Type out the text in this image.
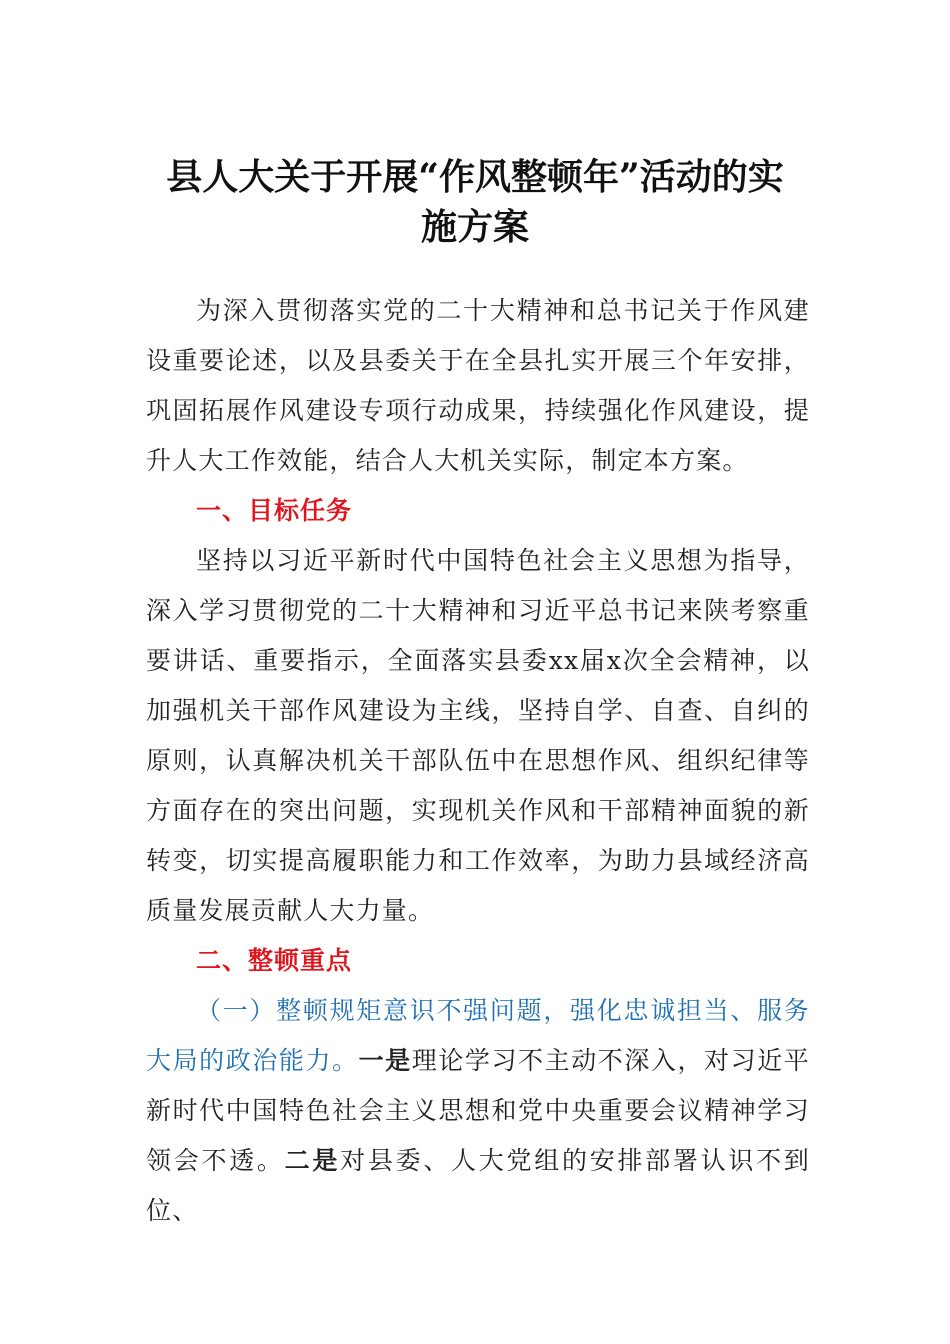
县人大关于开展“作风整顿年”活动的实
施方案

为深入贯彻落实党的二十大精神和总书记关于作风建设重要论述，以及县委关于在全县扎实开展三个年安排，巩固拓展作风建设专项行动成果，持续强化作风建设，提升人大工作效能，结合人大机关实际，制定本方案。

一、目标任务

坚持以习近平新时代中国特色社会主义思想为指导，深入学习贯彻党的二十大精神和习近平总书记来陕考察重要讲话、重要指示，全面落实县委xx届x次全会精神，以加强机关干部作风建设为主线，坚持自学、自查、自纠的原则，认真解决机关干部队伍中在思想作风、组织纪律等方面存在的突出问题，实现机关作风和干部精神面貌的新转变，切实提高履职能力和工作效率，为助力县域经济高质量发展贡献人大力量。

二、整顿重点

（一）整顿规矩意识不强问题，强化忠诚担当、服务大局的政治能力。一是理论学习不主动不深入，对习近平新时代中国特色社会主义思想和党中央重要会议精神学习领会不透。二是对县委、人大党组的安排部署认识不到位、
